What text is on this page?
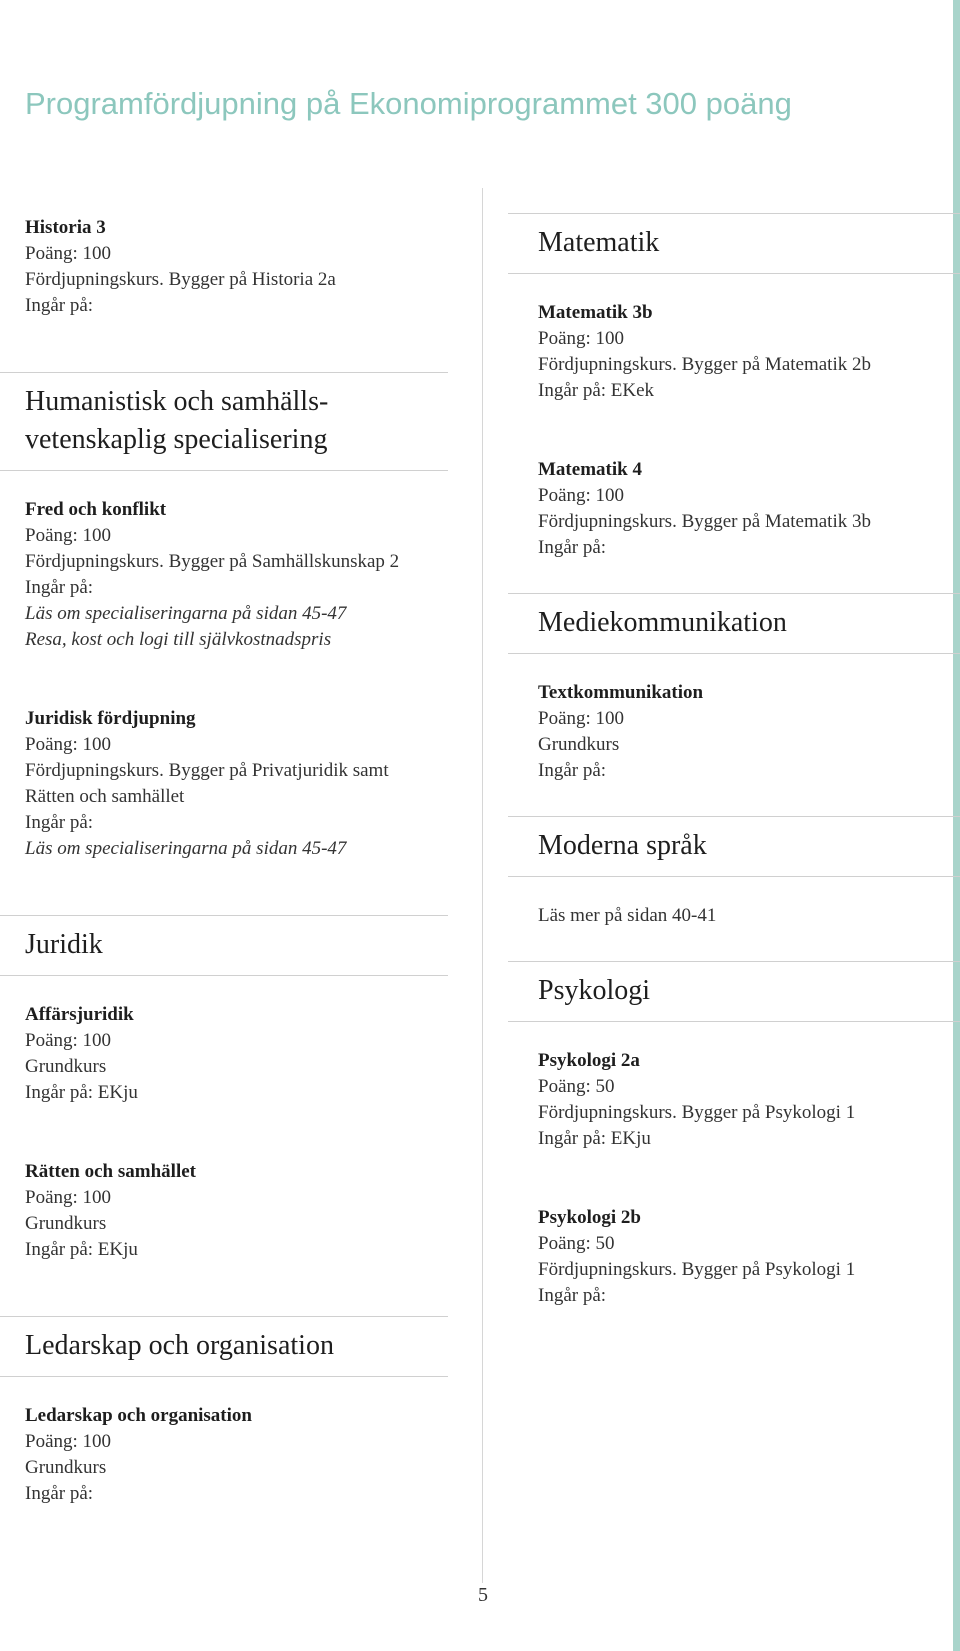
Programfördjupning på Ekonomiprogrammet 300 poäng
Historia 3
Poäng: 100
Fördjupningskurs. Bygger på Historia 2a
Ingår på:
Humanistisk och samhälls-
vetenskaplig specialisering
Fred och konflikt
Poäng: 100
Fördjupningskurs. Bygger på Samhällskunskap 2
Ingår på:
Läs om specialiseringarna på sidan 45-47
Resa, kost och logi till självkostnadspris
Juridisk fördjupning
Poäng: 100
Fördjupningskurs. Bygger på Privatjuridik samt
Rätten och samhället
Ingår på:
Läs om specialiseringarna på sidan 45-47
Juridik
Affärsjuridik
Poäng: 100
Grundkurs
Ingår på: EKju
Rätten och samhället
Poäng: 100
Grundkurs
Ingår på: EKju
Ledarskap och organisation
Ledarskap och organisation
Poäng: 100
Grundkurs
Ingår på:
Matematik
Matematik 3b
Poäng: 100
Fördjupningskurs. Bygger på Matematik 2b
Ingår på: EKek
Matematik 4
Poäng: 100
Fördjupningskurs. Bygger på Matematik 3b
Ingår på:
Mediekommunikation
Textkommunikation
Poäng: 100
Grundkurs
Ingår på:
Moderna språk
Läs mer på sidan 40-41
Psykologi
Psykologi 2a
Poäng: 50
Fördjupningskurs. Bygger på Psykologi 1
Ingår på: EKju
Psykologi 2b
Poäng: 50
Fördjupningskurs. Bygger på Psykologi 1
Ingår på:
5
